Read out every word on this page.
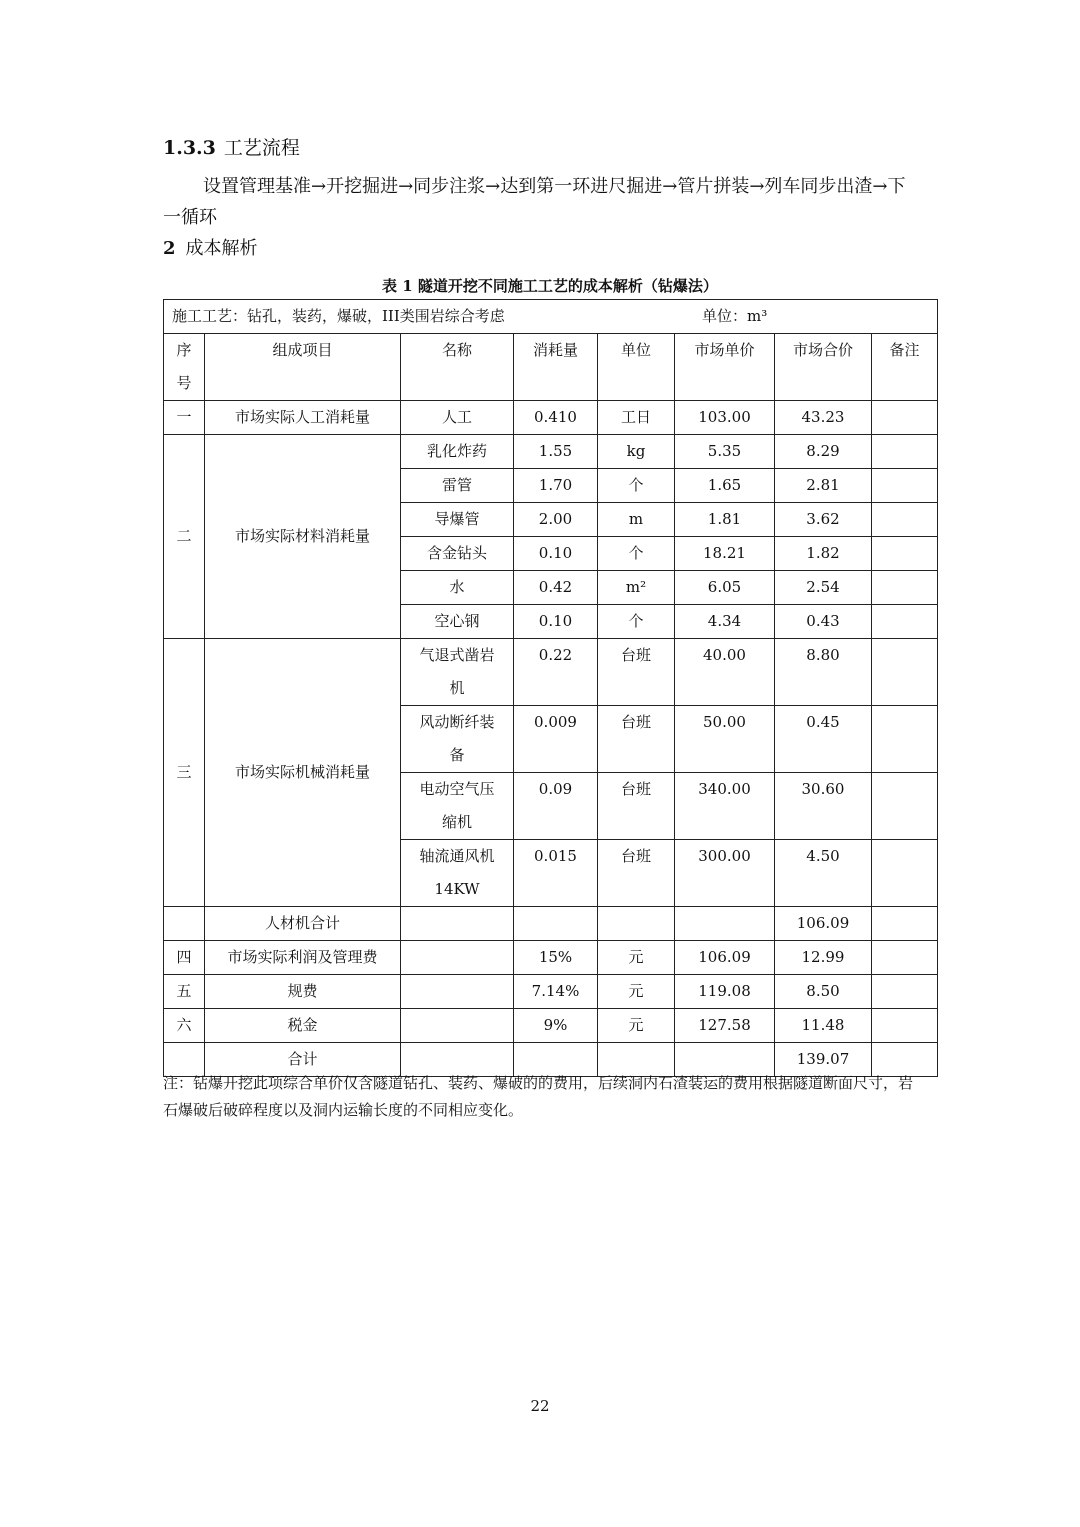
1.3.3 工艺流程
设置管理基准→开挖掘进→同步注浆→达到第一环进尺掘进→管片拼装→列车同步出渣→下一循环
2 成本解析
表 1 隧道开挖不同施工工艺的成本解析（钻爆法）
施工工艺：钻孔，装药，爆破，III类围岩综合考虑 单位：m³							

序号	组成项目	名称	消耗量	单位	市场单价	市场合价	备注
一	市场实际人工消耗量	人工	0.410	工日	103.00	43.23	
二	市场实际材料消耗量	乳化炸药	1.55	kg	5.35	8.29	
		雷管	1.70	个	1.65	2.81	
		导爆管	2.00	m	1.81	3.62	
		含金钻头	0.10	个	18.21	1.82	
		水	0.42	m²	6.05	2.54	
		空心钢	0.10	个	4.34	0.43	
三	市场实际机械消耗量	气退式凿岩机	0.22	台班	40.00	8.80	
		风动断纤装备	0.009	台班	50.00	0.45	
		电动空气压缩机	0.09	台班	340.00	30.60	
		轴流通风机14KW	0.015	台班	300.00	4.50	
	人材机合计					106.09	
四	市场实际利润及管理费		15%	元	106.09	12.99	
五	规费		7.14%	元	119.08	8.50	
六	税金		9%	元	127.58	11.48	
	合计					139.07	
注：钻爆开挖此项综合单价仅含隧道钻孔、装药、爆破的的费用，后续洞内石渣装运的费用根据隧道断面尺寸，岩石爆破后破碎程度以及洞内运输长度的不同相应变化。
22
